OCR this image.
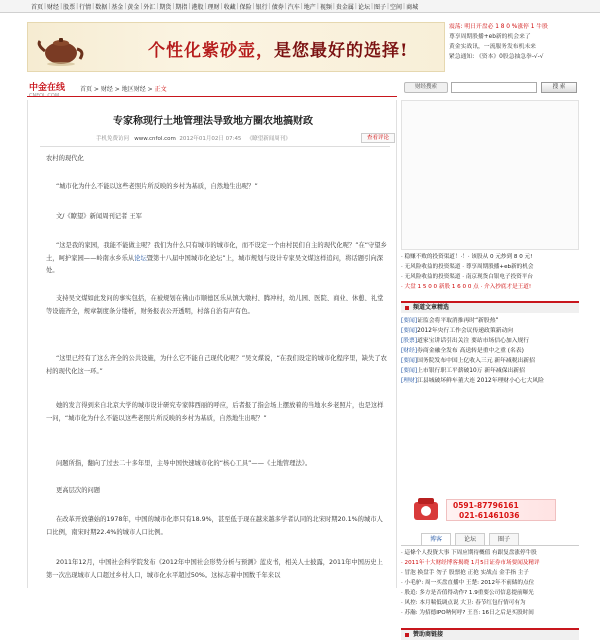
首页 | 财经 | 股票 | 行情 | 数据 | 基金 | 黄金 | 外汇 | 期货 | 期指 | 港股 | 理财 | 收藏 | 保险 | 银行 | 债券 | 汽车 | 地产 | 视频 | 贵金属 | 论坛 | 图子 | 空间 | 商城
个性化紫砂壶，是您最好的选择!
震荡: 明日开盘必 1 8 0 %涨停 1 牛股
尊享周期股播+eb新的机会来了
黄金实战讯，一流服务发布机未来
紧急通知: 《资本》0股急抽急拳-√-√
中金在线 首页 > 财经 > 地区财经 > 正文	财经搜索	搜 索
专家称现行土地管理法导致地方圈农地搞财政
手机免费访问 www.cnfol.com 2012年01月02日 07:45 《瞭望新闻周刊》	查看评论
农村的现代化
“城市化为什么不能以这些老照片所反映的乡村为基质，自然地生出呢？”
文/《瞭望》新闻周刊记者 王军
“这是我的家园，我能不能做主呢？我们为什么只有城市的城市化，而不设定一个由村民们自主的现代化呢？”在“守望乡土，呵护家园——岭南水乡乐从论坛暨第十八届中国城市化论坛”上，城市规划与设计专家吴文煤这样追问，将话题引向深处。
支持吴文煤如此发问的事实包括，在被规划在佛山市顺德区乐从镇大墩村、腾冲村，幼儿园、医院、商业、休憩、礼堂等设施齐全，规章制度条分缕析，财务报表公开透明，村落自治有声有色。
“这里已经有了这么齐全的公共设施，为什么它不能自己现代化呢？”吴文煤说，“在我们设定的城市化程序里，缺失了农村的现代化这一环。”
她的发言得到来自北京大学的城市设计研究专家韩西丽的呼应，后者报了指会场上摆放着的当地水乡老照片，也是这样一问，“城市化为什么不能以这些老照片所反映的乡村为基质，自然地生出呢？”
问题所指，翻向了过去二十多年里，主导中国快速城市化的“核心工具”——《土地管理法》。
更高层次的问题
在改革开放肇始的1978年，中国的城市化率只有18.9%，甚至低于现在越来越多学者认同的北宋时期20.1%的城市人口比例，南宋时期22.4%的城市人口比例。
2011年12月，中国社会科学院发布《2012年中国社会形势分析与预测》蓝皮书，相关人士披露，2011年中国历史上第一次出现城市人口超过乡村人口，城市化水平超过50%。这标志着中国数千年来以
· 稳赚不败的投资渠道！·！· 该股从 0 元炒到 8 0 元!
· 无风险收益的投资渠道 · 尊享周期股播+eb新的机会
· 无风险收益的投资渠道 · 南京现货白银电子投资平台
· 大盘 1 5 0 0 新股 1 6 0 0 点 · 介入抄底才是王道!
频道文章精选
[要闻]证监会将平取消推再时“新股热”
[要闻]2012年央行工作会议传递政策新动向
[股票]道家宝讲话引出关注 要站市场信心加入规行
[财经]券商金融全发布 高送转是重中之重 (名表)
[要闻]国务院发布中国上亿收入三元 新年减税出新招
[要闻]上市银行职工平薪破10万 新年减保出新招
[理财]江县城破坏鲜车董大连 2012年理财小心七大风险
0591-87796161
021-61461036
博客	论坛	圈子
· 這條个人投資大事 下周应期待概值 有跟复盘涨停牛股
· 2011年十大财经博客揭晓 1月5日证券市场要闻及精评
· 冒泡 换盘手 勿子 股票抢 正抢 实战点 金手指 主子
· 小毛驴: 周一买盘直播中 王楚: 2012年不前储的点位
· 股追: 多方是否值得动作? 1.9重要公司信息提前曝光
· 风控: 本月喘低调点说 大卫: 春节红包行情可有为
· 苏瀚: 为招德IPO呐何呼? 王吾: 16日之后是买股时间
赞助商链接
